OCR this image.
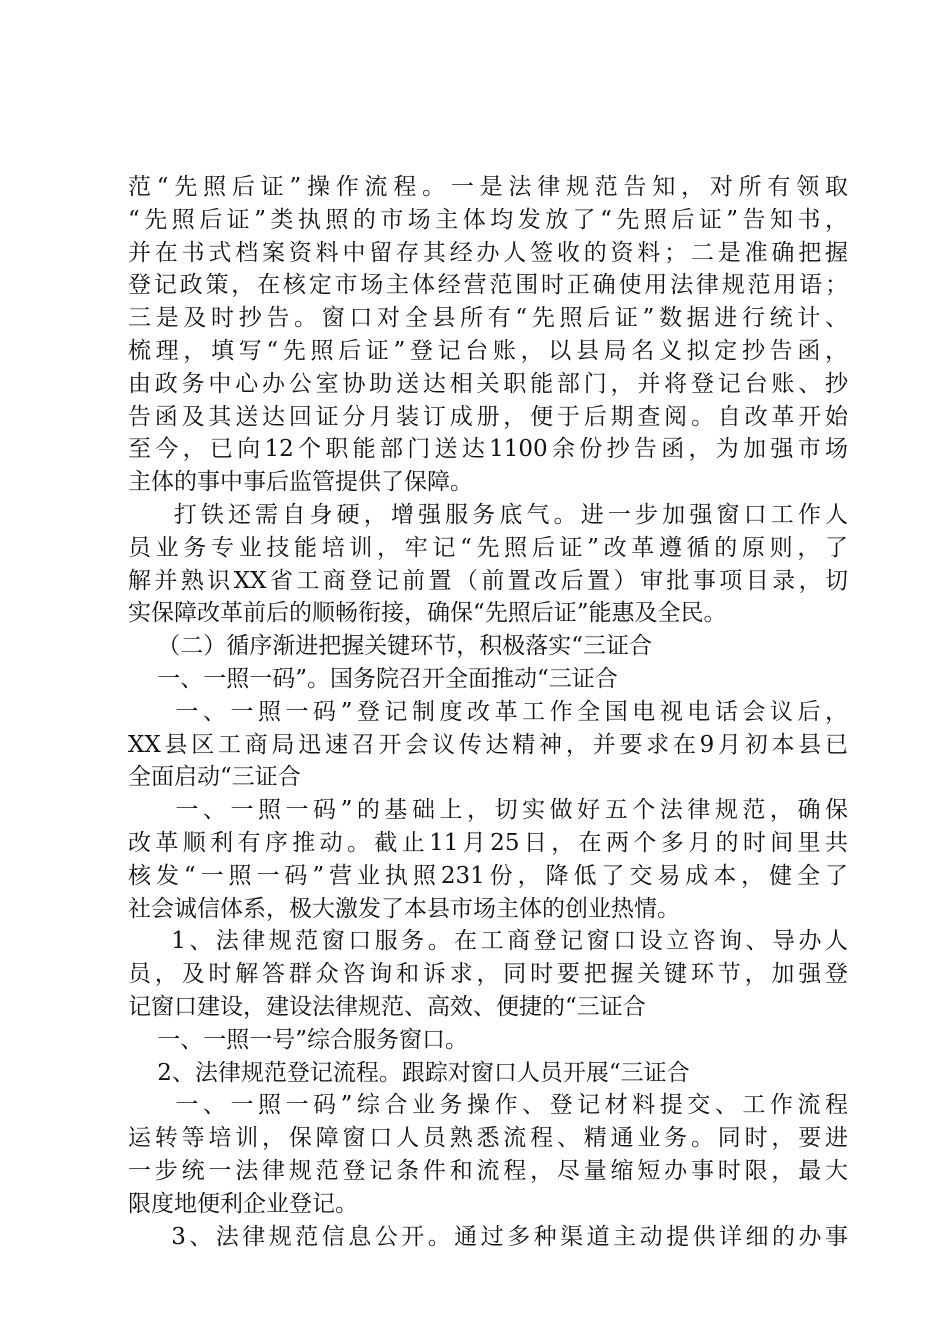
范“先照后证”操作流程。一是法律规范告知，对所有领取
“先照后证”类执照的市场主体均发放了“先照后证”告知书，
并在书式档案资料中留存其经办人签收的资料；二是准确把握
登记政策，在核定市场主体经营范围时正确使用法律规范用语；
三是及时抄告。窗口对全县所有“先照后证”数据进行统计、
梳理，填写“先照后证”登记台账，以县局名义拟定抄告函，
由政务中心办公室协助送达相关职能部门，并将登记台账、抄
告函及其送达回证分月装订成册，便于后期查阅。自改革开始
至今，已向12个职能部门送达1100余份抄告函，为加强市场
主体的事中事后监管提供了保障。
打铁还需自身硬，增强服务底气。进一步加强窗口工作人
员业务专业技能培训，牢记“先照后证”改革遵循的原则，了
解并熟识XX省工商登记前置（前置改后置）审批事项目录，切
实保障改革前后的顺畅衔接，确保“先照后证”能惠及全民。
（二）循序渐进把握关键环节，积极落实“三证合
一、一照一码”。国务院召开全面推动“三证合
一、一照一码”登记制度改革工作全国电视电话会议后，
XX县区工商局迅速召开会议传达精神，并要求在9月初本县已
全面启动“三证合
一、一照一码”的基础上，切实做好五个法律规范，确保
改革顺利有序推动。截止11月25日，在两个多月的时间里共
核发“一照一码”营业执照231份，降低了交易成本，健全了
社会诚信体系，极大激发了本县市场主体的创业热情。
1、法律规范窗口服务。在工商登记窗口设立咨询、导办人
员，及时解答群众咨询和诉求，同时要把握关键环节，加强登
记窗口建设，建设法律规范、高效、便捷的“三证合
一、一照一号”综合服务窗口。
2、法律规范登记流程。跟踪对窗口人员开展“三证合
一、一照一码”综合业务操作、登记材料提交、工作流程
运转等培训，保障窗口人员熟悉流程、精通业务。同时，要进
一步统一法律规范登记条件和流程，尽量缩短办事时限，最大
限度地便利企业登记。
3、法律规范信息公开。通过多种渠道主动提供详细的办事
